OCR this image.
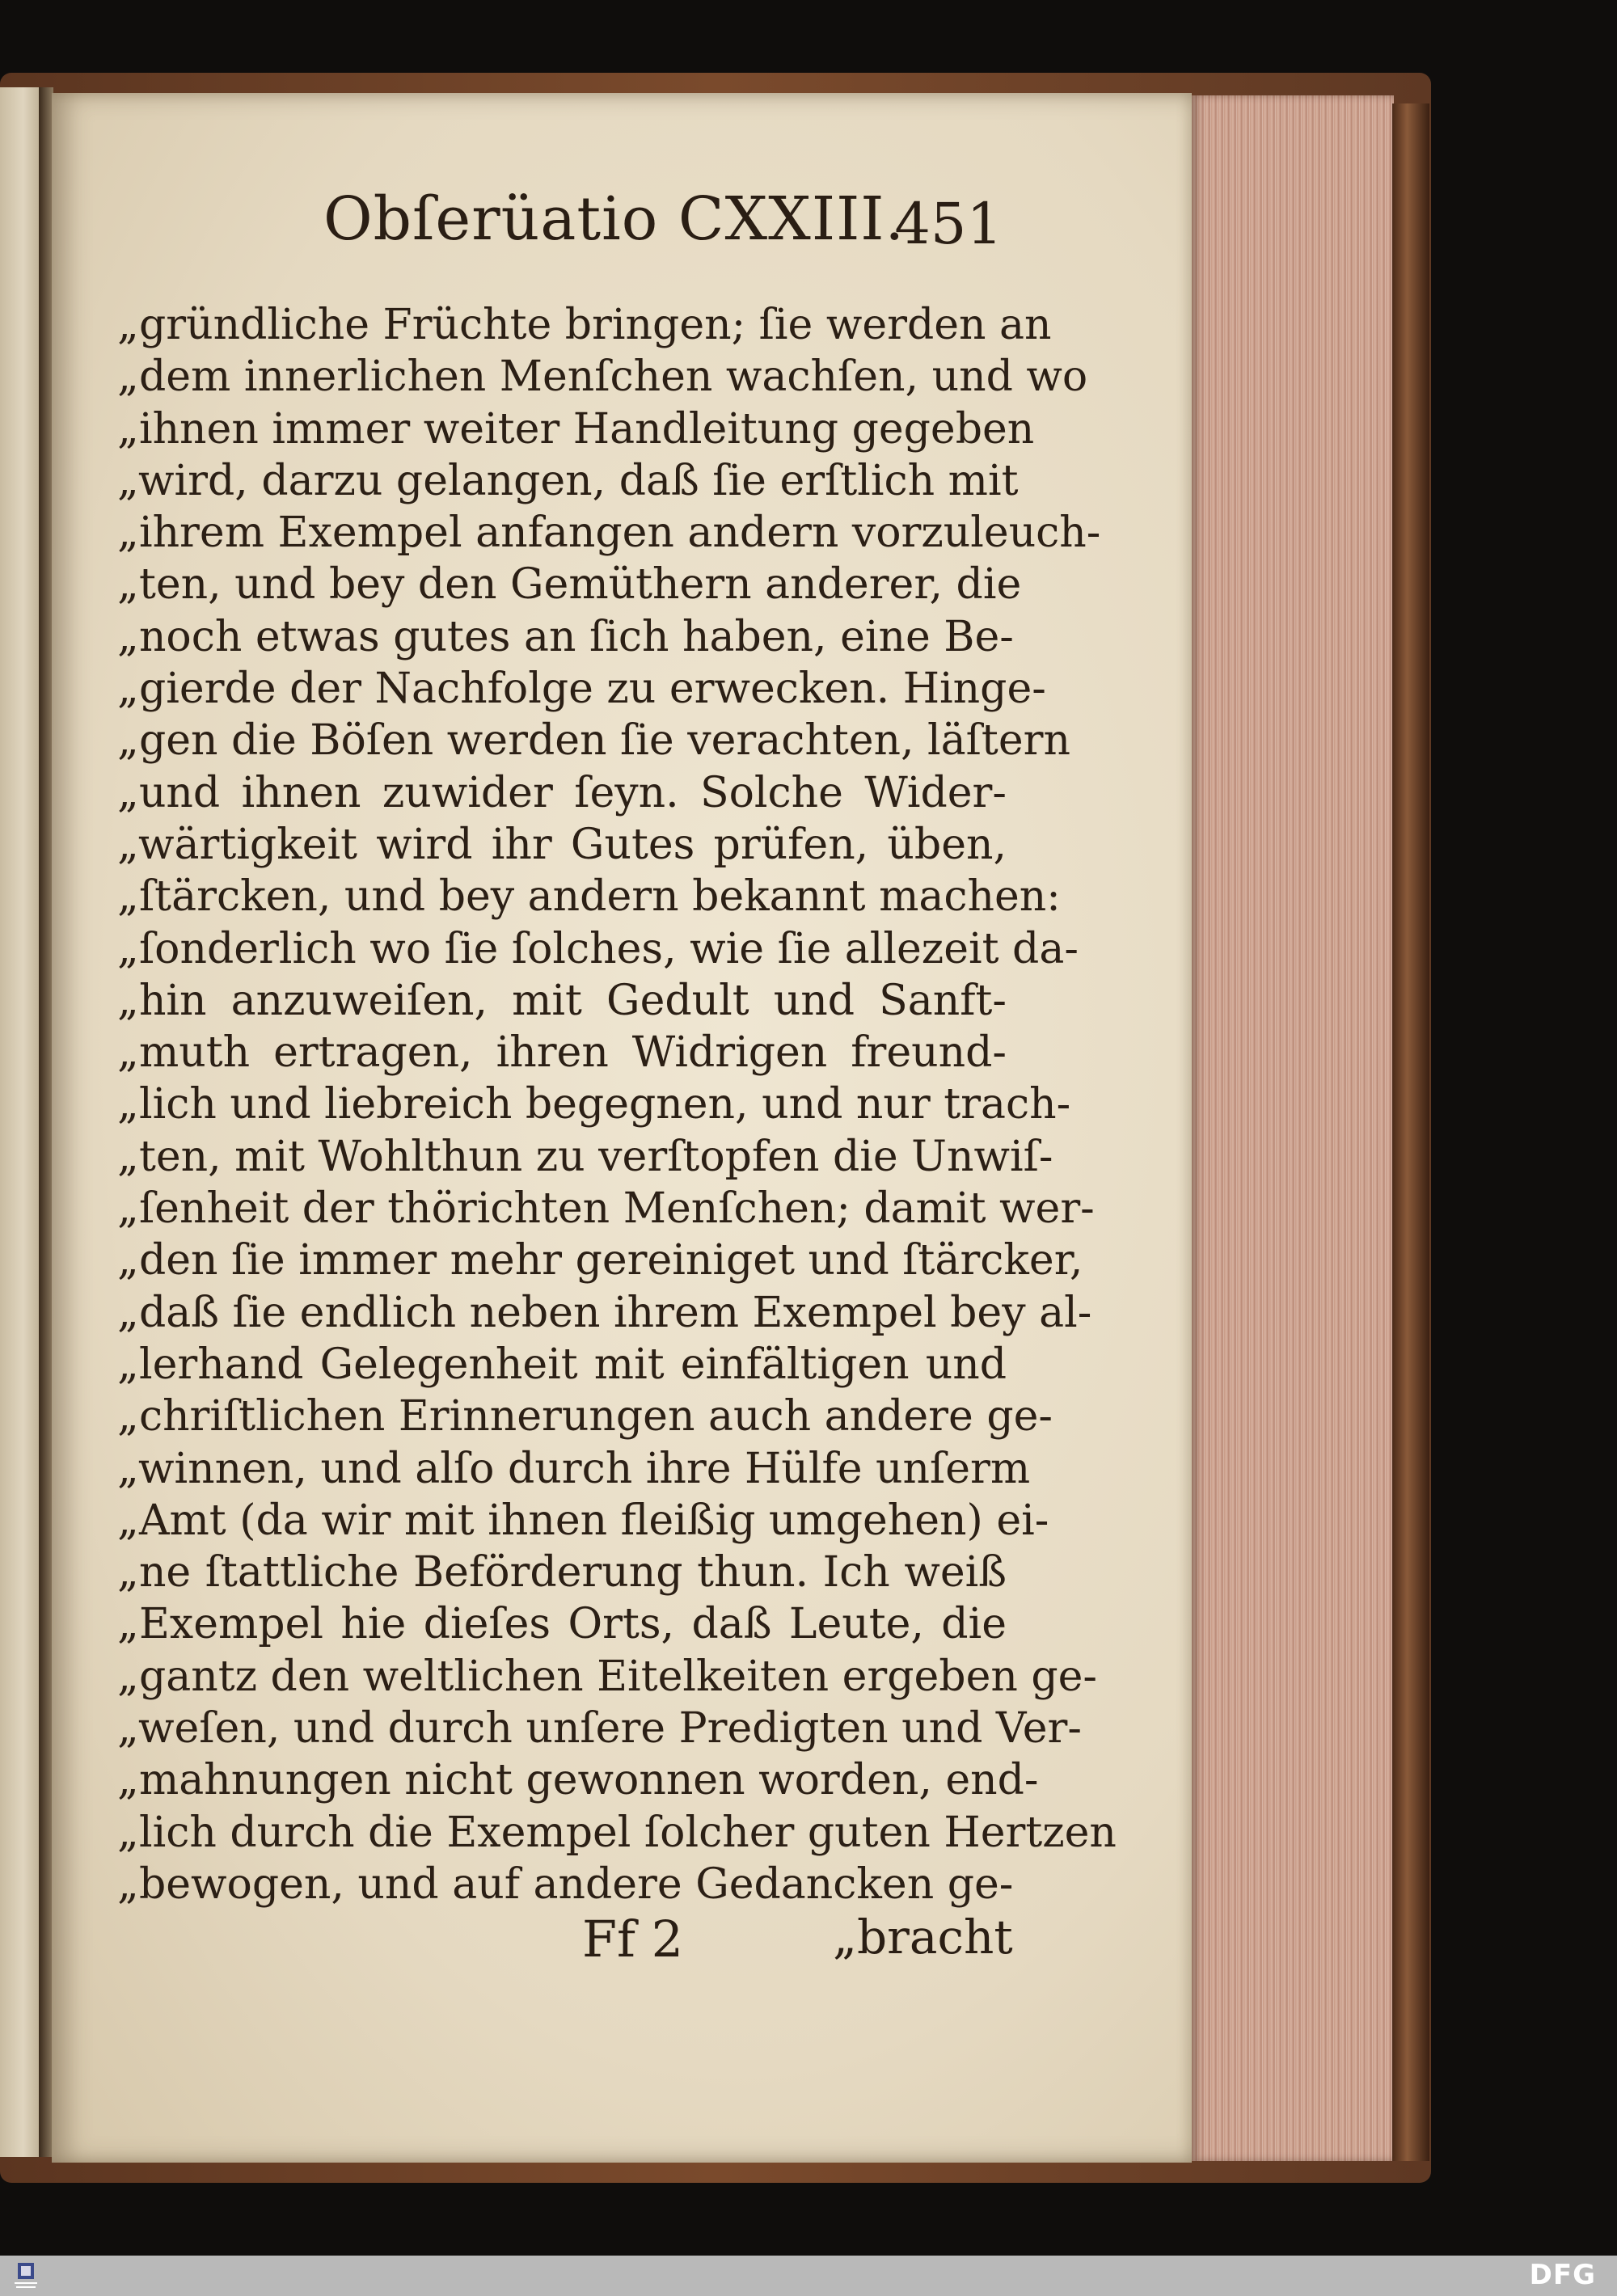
Obſerüatio CXXIII.
451
„gründliche Früchte bringen; ſie werden an
„dem innerlichen Menſchen wachſen, und wo
„ihnen immer weiter Handleitung gegeben
„wird, darzu gelangen, daß ſie erſtlich mit
„ihrem Exempel anfangen andern vorzuleuch-
„ten, und bey den Gemüthern anderer, die
„noch etwas gutes an ſich haben, eine Be-
„gierde der Nachfolge zu erwecken. Hinge-
„gen die Böſen werden ſie verachten, läſtern
„und ihnen zuwider ſeyn. Solche Wider-
„wärtigkeit wird ihr Gutes prüfen, üben,
„ſtärcken, und bey andern bekannt machen:
„ſonderlich wo ſie ſolches, wie ſie allezeit da-
„hin anzuweiſen, mit Gedult und Sanft-
„muth ertragen, ihren Widrigen freund-
„lich und liebreich begegnen, und nur trach-
„ten, mit Wohlthun zu verſtopfen die Unwiſ-
„ſenheit der thörichten Menſchen; damit wer-
„den ſie immer mehr gereiniget und ſtärcker,
„daß ſie endlich neben ihrem Exempel bey al-
„lerhand Gelegenheit mit einfältigen und
„chriſtlichen Erinnerungen auch andere ge-
„winnen, und alſo durch ihre Hülfe unſerm
„Amt (da wir mit ihnen fleißig umgehen) ei-
„ne ſtattliche Beförderung thun. Ich weiß
„Exempel hie dieſes Orts, daß Leute, die
„gantz den weltlichen Eitelkeiten ergeben ge-
„weſen, und durch unſere Predigten und Ver-
„mahnungen nicht gewonnen worden, end-
„lich durch die Exempel ſolcher guten Hertzen
„bewogen, und auf andere Gedancken ge-
Ff 2	„bracht
DFG
